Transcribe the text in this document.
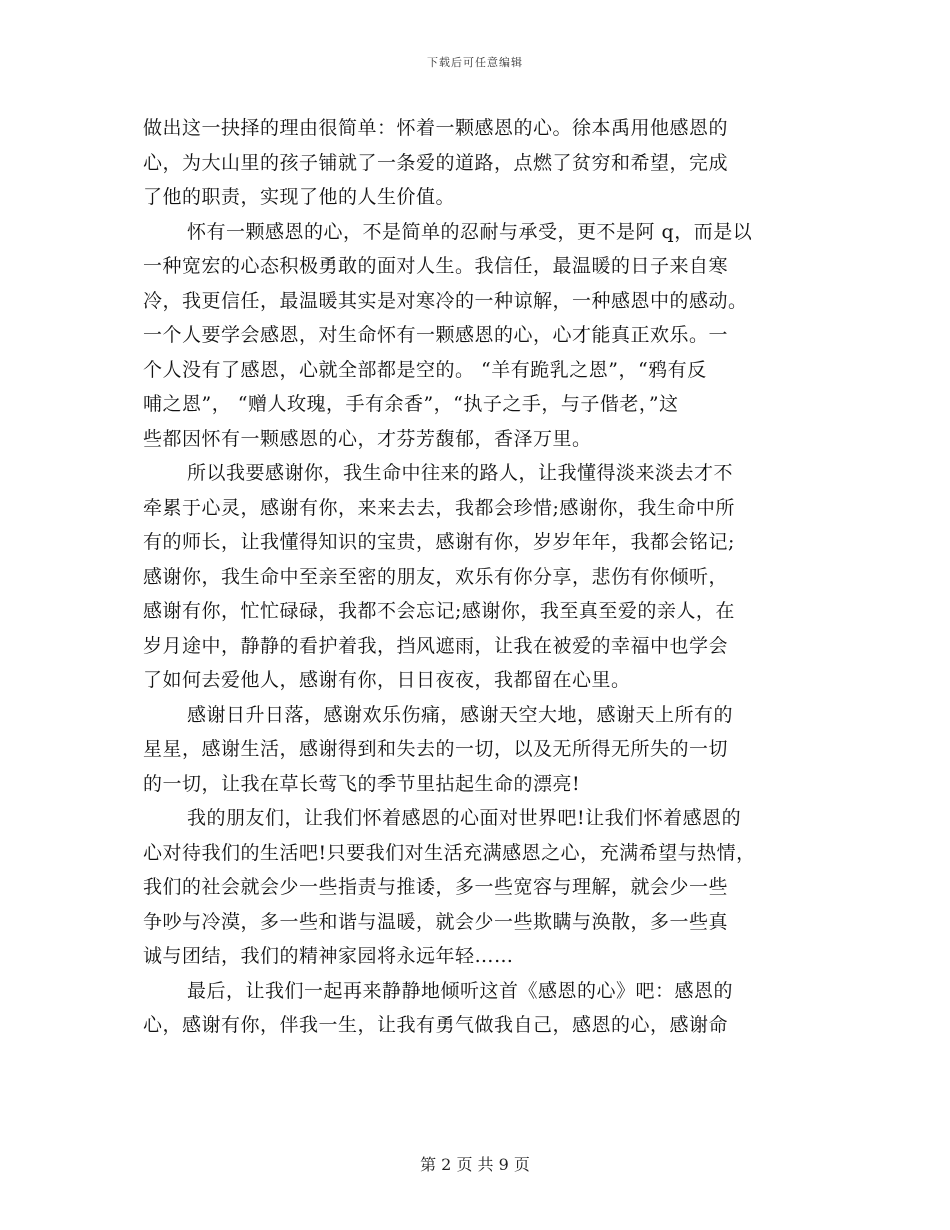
下载后可任意编辑
做出这一抉择的理由很简单：怀着一颗感恩的心。徐本禹用他感恩的
心，为大山里的孩子铺就了一条爱的道路，点燃了贫穷和希望，完成
了他的职责，实现了他的人生价值。
怀有一颗感恩的心，不是简单的忍耐与承受，更不是阿 q，而是以
一种宽宏的心态积极勇敢的面对人生。我信任，最温暖的日子来自寒
冷，我更信任，最温暖其实是对寒冷的一种谅解，一种感恩中的感动。
一个人要学会感恩，对生命怀有一颗感恩的心，心才能真正欢乐。一
个人没有了感恩，心就全部都是空的。 “羊有跪乳之恩”，“鸦有反
哺之恩”， “赠人玫瑰，手有余香”，“执子之手，与子偕老，”这
些都因怀有一颗感恩的心，才芬芳馥郁，香泽万里。
所以我要感谢你，我生命中往来的路人，让我懂得淡来淡去才不
牵累于心灵，感谢有你，来来去去，我都会珍惜;感谢你，我生命中所
有的师长，让我懂得知识的宝贵，感谢有你，岁岁年年，我都会铭记;
感谢你，我生命中至亲至密的朋友，欢乐有你分享，悲伤有你倾听，
感谢有你，忙忙碌碌，我都不会忘记;感谢你，我至真至爱的亲人，在
岁月途中，静静的看护着我，挡风遮雨，让我在被爱的幸福中也学会
了如何去爱他人，感谢有你，日日夜夜，我都留在心里。
感谢日升日落，感谢欢乐伤痛，感谢天空大地，感谢天上所有的
星星，感谢生活，感谢得到和失去的一切，以及无所得无所失的一切
的一切，让我在草长莺飞的季节里拈起生命的漂亮!
我的朋友们，让我们怀着感恩的心面对世界吧!让我们怀着感恩的
心对待我们的生活吧!只要我们对生活充满感恩之心，充满希望与热情，
我们的社会就会少一些指责与推诿，多一些宽容与理解，就会少一些
争吵与冷漠，多一些和谐与温暖，就会少一些欺瞒与涣散，多一些真
诚与团结，我们的精神家园将永远年轻……
最后，让我们一起再来静静地倾听这首《感恩的心》吧：感恩的
心，感谢有你，伴我一生，让我有勇气做我自己，感恩的心，感谢命
第 2 页 共 9 页
